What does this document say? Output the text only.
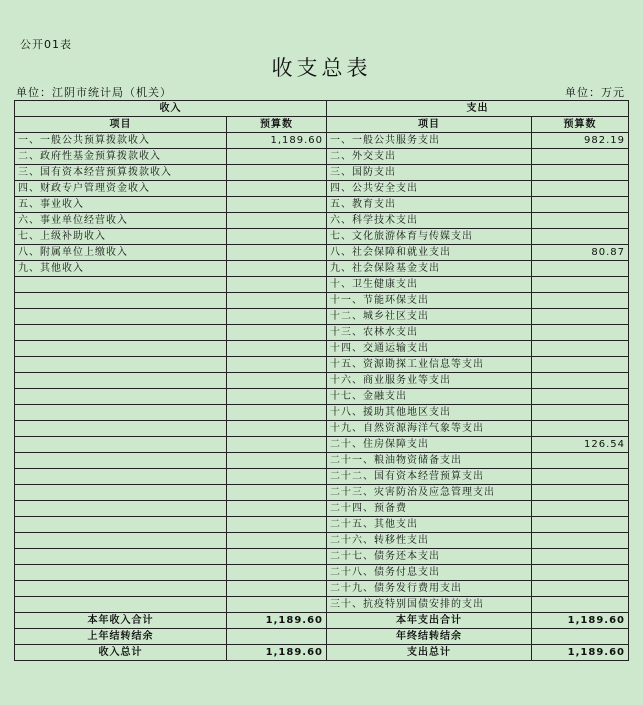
公开01表
收支总表
单位：江阴市统计局（机关）	单位：万元
收入		支出	
项目	预算数	项目	预算数
一、一般公共预算拨款收入	1,189.60	一、一般公共服务支出	982.19
二、政府性基金预算拨款收入		二、外交支出	
三、国有资本经营预算拨款收入		三、国防支出	
四、财政专户管理资金收入		四、公共安全支出	
五、事业收入		五、教育支出	
六、事业单位经营收入		六、科学技术支出	
七、上级补助收入		七、文化旅游体育与传媒支出	
八、附属单位上缴收入		八、社会保障和就业支出	80.87
九、其他收入		九、社会保险基金支出	
		十、卫生健康支出	
		十一、节能环保支出	
		十二、城乡社区支出	
		十三、农林水支出	
		十四、交通运输支出	
		十五、资源勘探工业信息等支出	
		十六、商业服务业等支出	
		十七、金融支出	
		十八、援助其他地区支出	
		十九、自然资源海洋气象等支出	
		二十、住房保障支出	126.54
		二十一、粮油物资储备支出	
		二十二、国有资本经营预算支出	
		二十三、灾害防治及应急管理支出	
		二十四、预备费	
		二十五、其他支出	
		二十六、转移性支出	
		二十七、债务还本支出	
		二十八、债务付息支出	
		二十九、债务发行费用支出	
		三十、抗疫特别国债安排的支出	
本年收入合计	1,189.60	本年支出合计	1,189.60
上年结转结余		年终结转结余	
收入总计	1,189.60	支出总计	1,189.60
